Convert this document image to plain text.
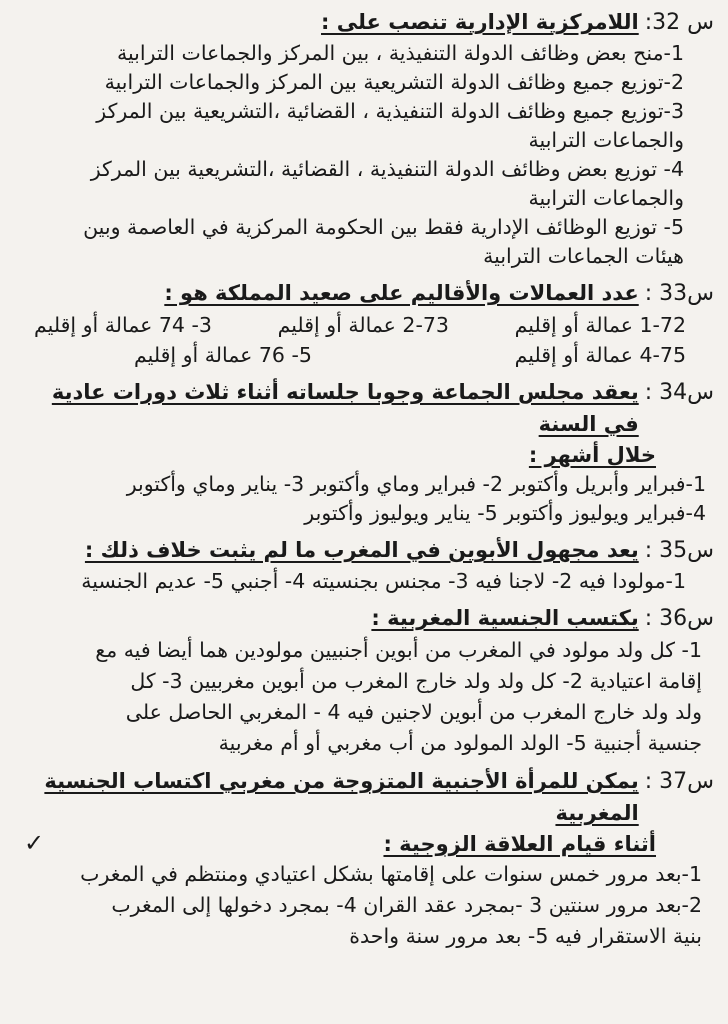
س 32:
اللامركزية الإدارية تنصب على :
1-منح بعض وظائف الدولة التنفيذية ، بين المركز والجماعات الترابية
2-توزيع جميع وظائف الدولة التشريعية بين المركز والجماعات الترابية
3-توزيع جميع وظائف الدولة التنفيذية ، القضائية ،التشريعية بين المركز
والجماعات الترابية
4- توزيع بعض وظائف الدولة التنفيذية ، القضائية ،التشريعية بين المركز
والجماعات الترابية
5- توزيع الوظائف الإدارية فقط بين الحكومة المركزية في العاصمة وبين
هيئات الجماعات الترابية
س33 :
عدد العمالات والأقاليم على صعيد المملكة هو :
1-72 عمالة أو إقليم
2-73 عمالة أو إقليم
3- 74 عمالة أو إقليم
4-75 عمالة أو إقليم
5- 76 عمالة أو إقليم
س34 :
يعقد مجلس الجماعة وجوبا جلساته أثناء ثلاث دورات عادية في السنة
خلال أشهر :
1-فبراير وأبريل وأكتوبر 2- فبراير وماي وأكتوبر 3- يناير وماي وأكتوبر
4-فبراير ويوليوز وأكتوبر 5- يناير ويوليوز وأكتوبر
س35 :
يعد مجهول الأبوين في المغرب ما لم يثبت خلاف ذلك :
1-مولودا فيه 2- لاجنا فيه 3- مجنس بجنسيته 4- أجنبي 5- عديم الجنسية
س36 :
يكتسب الجنسية المغربية :
1- كل ولد مولود في المغرب من أبوين أجنبيين مولودين هما أيضا فيه مع
إقامة اعتيادية 2- كل ولد ولد خارج المغرب من أبوين مغربيين 3- كل
ولد ولد خارج المغرب من أبوين لاجنين فيه 4 - المغربي الحاصل على
جنسية أجنبية 5- الولد المولود من أب مغربي أو أم مغربية
س37 :
يمكن للمرأة الأجنبية المتزوجة من مغربي اكتساب الجنسية المغربية
أثناء قيام العلاقة الزوجية :
✓
1-بعد مرور خمس سنوات على إقامتها بشكل اعتيادي ومنتظم في المغرب
2-بعد مرور سنتين 3 -بمجرد عقد القران 4- بمجرد دخولها إلى المغرب
بنية الاستقرار فيه 5- بعد مرور سنة واحدة
